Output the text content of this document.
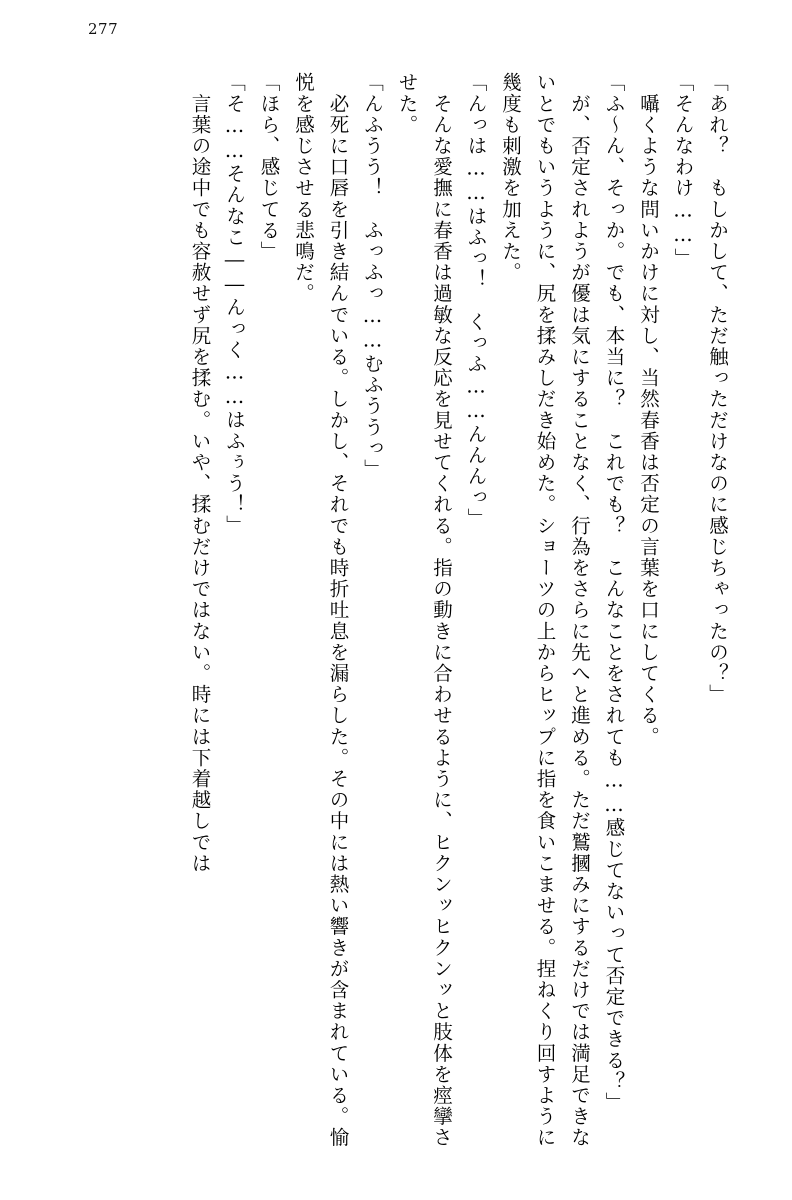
277

「あれ？　もしかして、ただ触っただけなのに感じちゃったの？」

「そんなわけ……」

　囁くような問いかけに対し、当然春香は否定の言葉を口にしてくる。

「ふ～ん、そっか。でも、本当に？　これでも？　こんなことをされても……感じてないって否定できる？」

　が、否定されようが優は気にすることなく、行為をさらに先へと進める。ただ鷲摑みにするだけでは満足できないとでもいうように、尻を揉みしだき始めた。ショーツの上からヒップに指を食いこませる。捏ねくり回すように幾度も刺激を加えた。

「んっは……はふっ！　くっふ……んんんっ」

　そんな愛撫に春香は過敏な反応を見せてくれる。指の動きに合わせるように、ヒクンッヒクンッと肢体を痙攣させた。

「んふうう！　ふっふっ……むふううっ」

　必死に口唇を引き結んでいる。しかし、それでも時折吐息を漏らした。その中には熱い響きが含まれている。愉悦を感じさせる悲鳴だ。

「ほら、感じてる」

「そ……そんなこ――んっく……はふぅう！」

　言葉の途中でも容赦せず尻を揉む。いや、揉むだけではない。時には下着越しでは
